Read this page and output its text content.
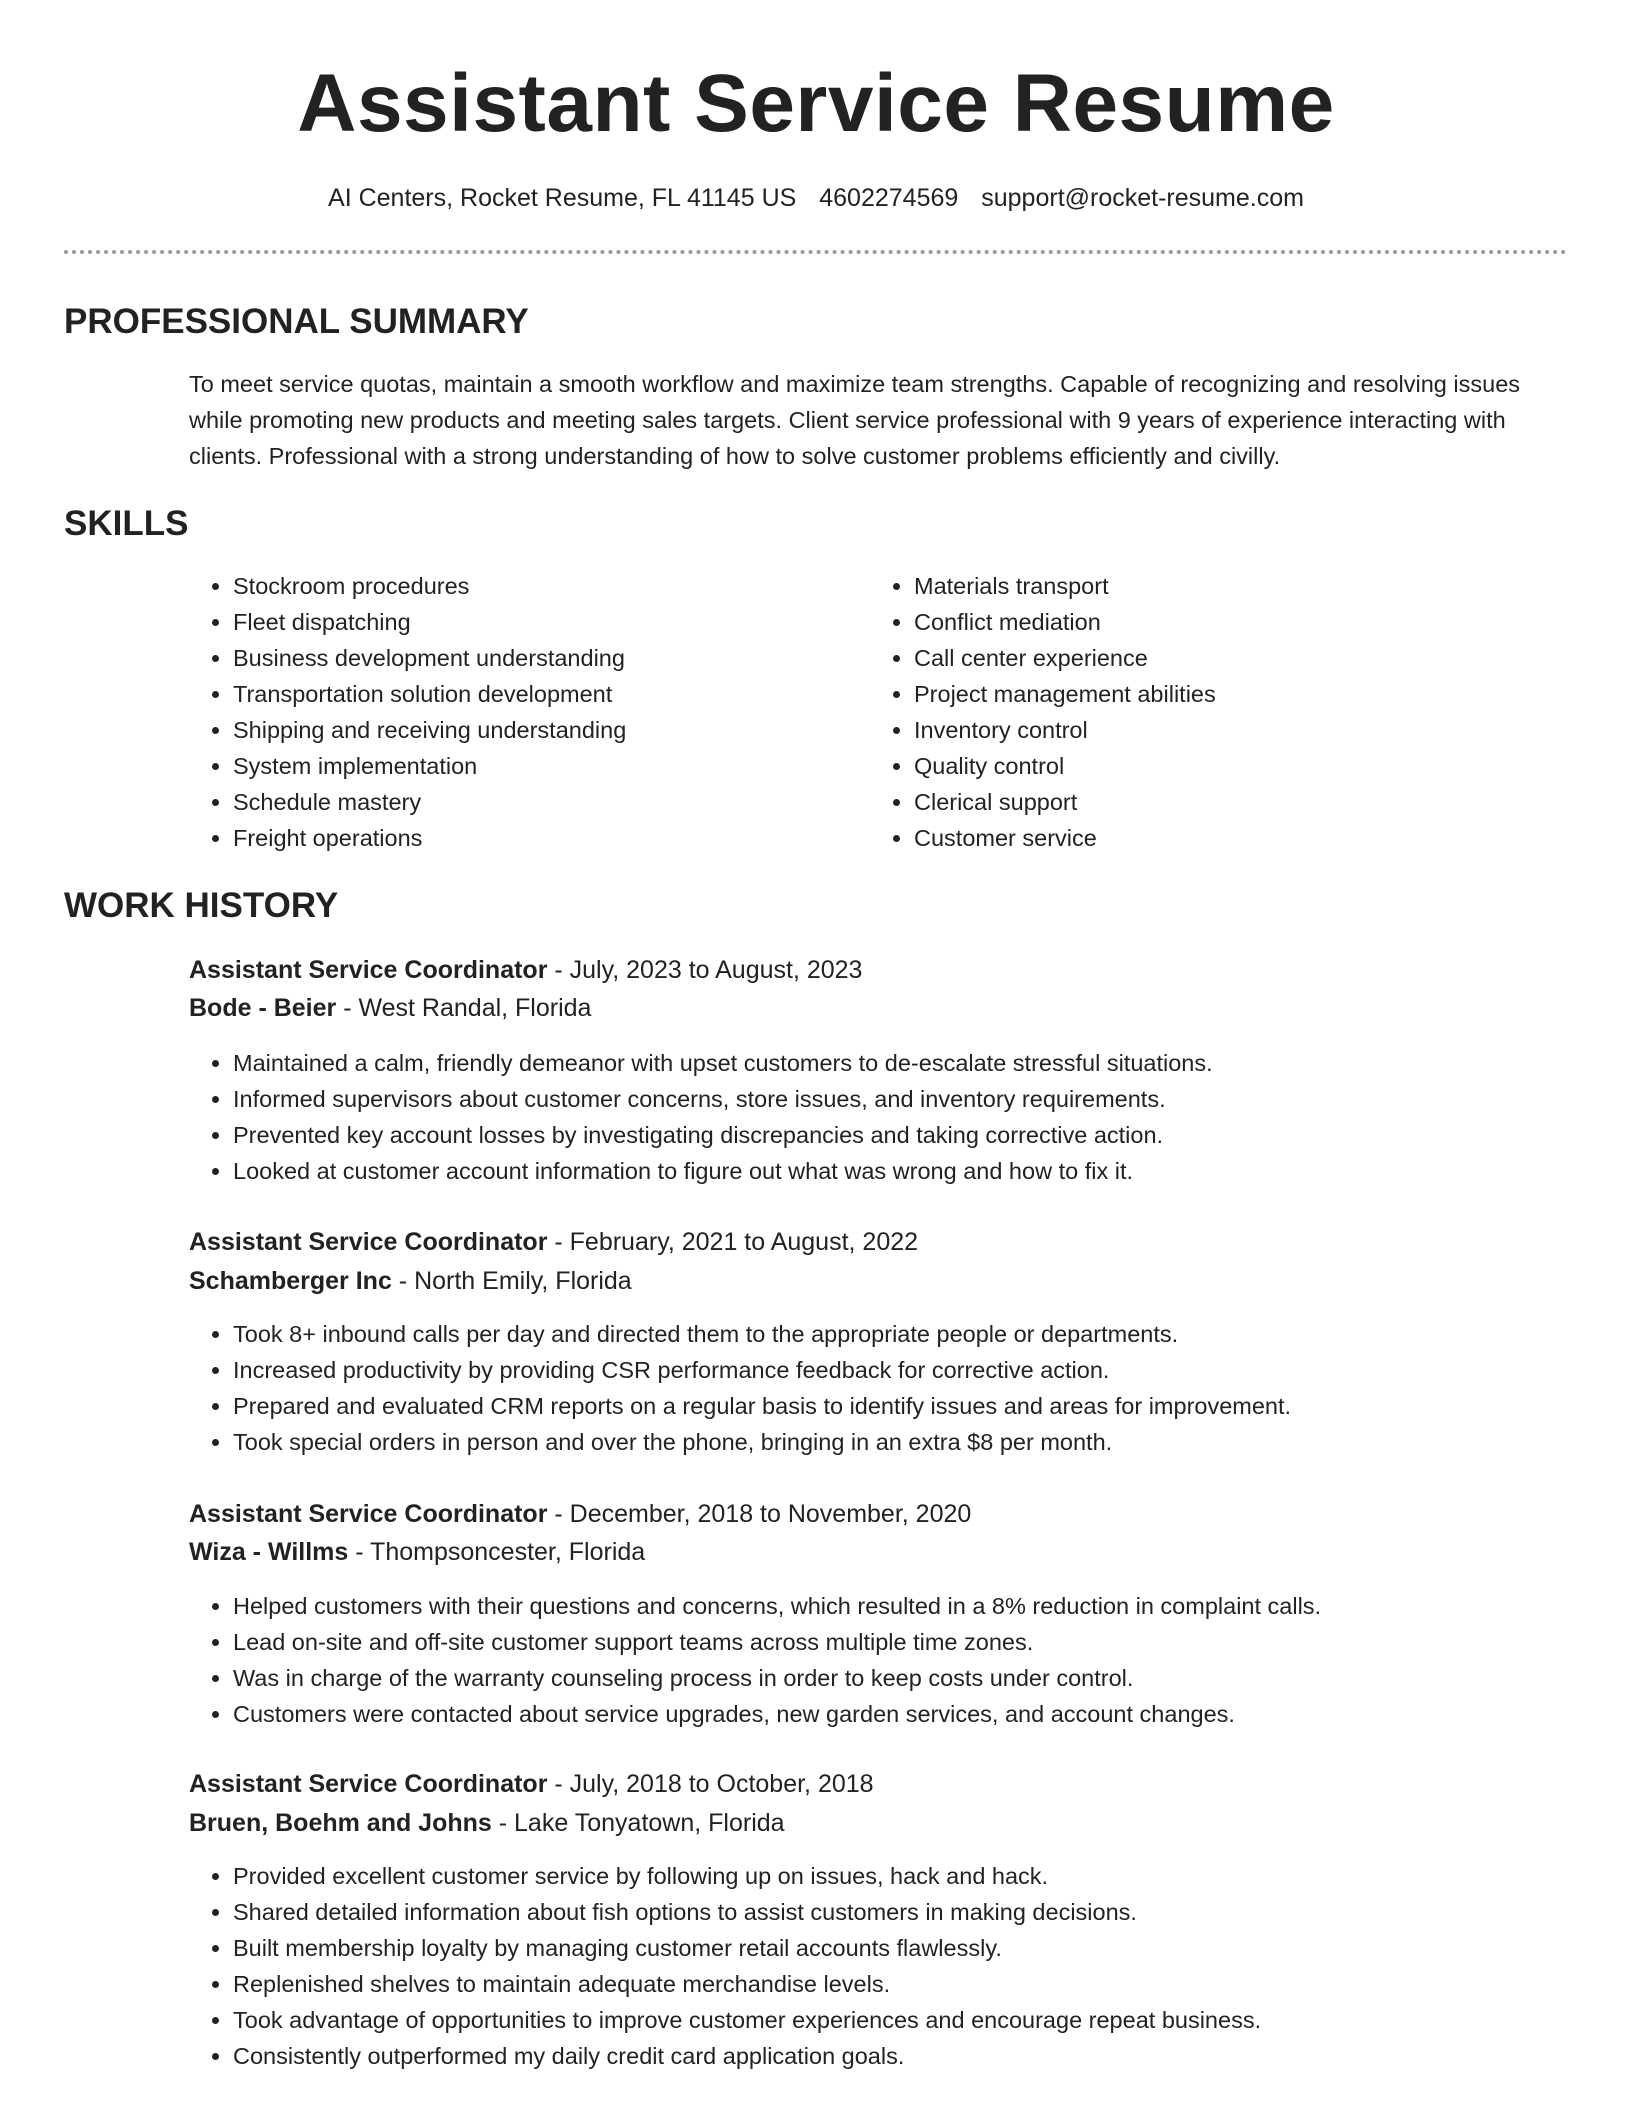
Assistant Service Resume
AI Centers, Rocket Resume, FL 41145 US 4602274569 support@rocket-resume.com
PROFESSIONAL SUMMARY
To meet service quotas, maintain a smooth workflow and maximize team strengths. Capable of recognizing and resolving issues while promoting new products and meeting sales targets. Client service professional with 9 years of experience interacting with clients. Professional with a strong understanding of how to solve customer problems efficiently and civilly.
SKILLS
• Stockroom procedures
• Fleet dispatching
• Business development understanding
• Transportation solution development
• Shipping and receiving understanding
• System implementation
• Schedule mastery
• Freight operations
• Materials transport
• Conflict mediation
• Call center experience
• Project management abilities
• Inventory control
• Quality control
• Clerical support
• Customer service
WORK HISTORY
Assistant Service Coordinator - July, 2023 to August, 2023
Bode - Beier - West Randal, Florida
• Maintained a calm, friendly demeanor with upset customers to de-escalate stressful situations.
• Informed supervisors about customer concerns, store issues, and inventory requirements.
• Prevented key account losses by investigating discrepancies and taking corrective action.
• Looked at customer account information to figure out what was wrong and how to fix it.
Assistant Service Coordinator - February, 2021 to August, 2022
Schamberger Inc - North Emily, Florida
• Took 8+ inbound calls per day and directed them to the appropriate people or departments.
• Increased productivity by providing CSR performance feedback for corrective action.
• Prepared and evaluated CRM reports on a regular basis to identify issues and areas for improvement.
• Took special orders in person and over the phone, bringing in an extra $8 per month.
Assistant Service Coordinator - December, 2018 to November, 2020
Wiza - Willms - Thompsoncester, Florida
• Helped customers with their questions and concerns, which resulted in a 8% reduction in complaint calls.
• Lead on-site and off-site customer support teams across multiple time zones.
• Was in charge of the warranty counseling process in order to keep costs under control.
• Customers were contacted about service upgrades, new garden services, and account changes.
Assistant Service Coordinator - July, 2018 to October, 2018
Bruen, Boehm and Johns - Lake Tonyatown, Florida
• Provided excellent customer service by following up on issues, hack and hack.
• Shared detailed information about fish options to assist customers in making decisions.
• Built membership loyalty by managing customer retail accounts flawlessly.
• Replenished shelves to maintain adequate merchandise levels.
• Took advantage of opportunities to improve customer experiences and encourage repeat business.
• Consistently outperformed my daily credit card application goals.
